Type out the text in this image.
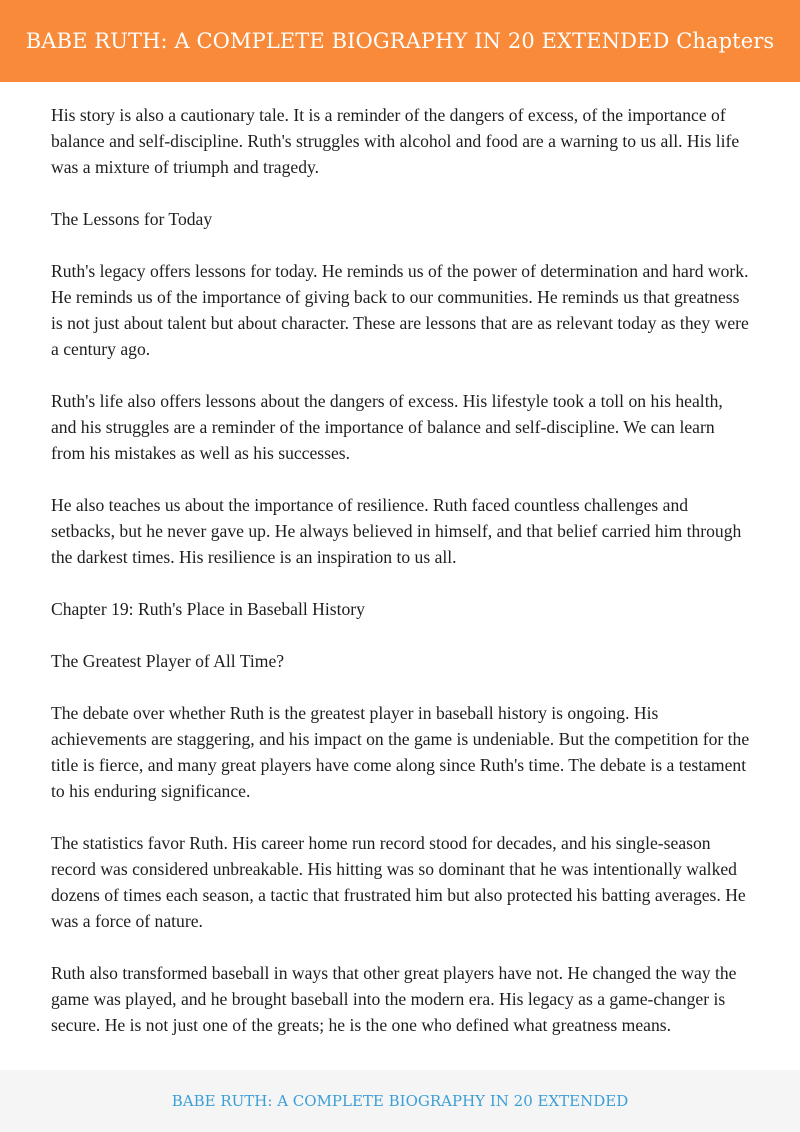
BABE RUTH: A COMPLETE BIOGRAPHY IN 20 EXTENDED Chapters

His story is also a cautionary tale. It is a reminder of the dangers of excess, of the importance of balance and self-discipline. Ruth's struggles with alcohol and food are a warning to us all. His life was a mixture of triumph and tragedy.

The Lessons for Today

Ruth's legacy offers lessons for today. He reminds us of the power of determination and hard work. He reminds us of the importance of giving back to our communities. He reminds us that greatness is not just about talent but about character. These are lessons that are as relevant today as they were a century ago.

Ruth's life also offers lessons about the dangers of excess. His lifestyle took a toll on his health, and his struggles are a reminder of the importance of balance and self-discipline. We can learn from his mistakes as well as his successes.

He also teaches us about the importance of resilience. Ruth faced countless challenges and setbacks, but he never gave up. He always believed in himself, and that belief carried him through the darkest times. His resilience is an inspiration to us all.

Chapter 19: Ruth's Place in Baseball History

The Greatest Player of All Time?

The debate over whether Ruth is the greatest player in baseball history is ongoing. His achievements are staggering, and his impact on the game is undeniable. But the competition for the title is fierce, and many great players have come along since Ruth's time. The debate is a testament to his enduring significance.

The statistics favor Ruth. His career home run record stood for decades, and his single-season record was considered unbreakable. His hitting was so dominant that he was intentionally walked dozens of times each season, a tactic that frustrated him but also protected his batting averages. He was a force of nature.

Ruth also transformed baseball in ways that other great players have not. He changed the way the game was played, and he brought baseball into the modern era. His legacy as a game-changer is secure. He is not just one of the greats; he is the one who defined what greatness means.

BABE RUTH: A COMPLETE BIOGRAPHY IN 20 EXTENDED
